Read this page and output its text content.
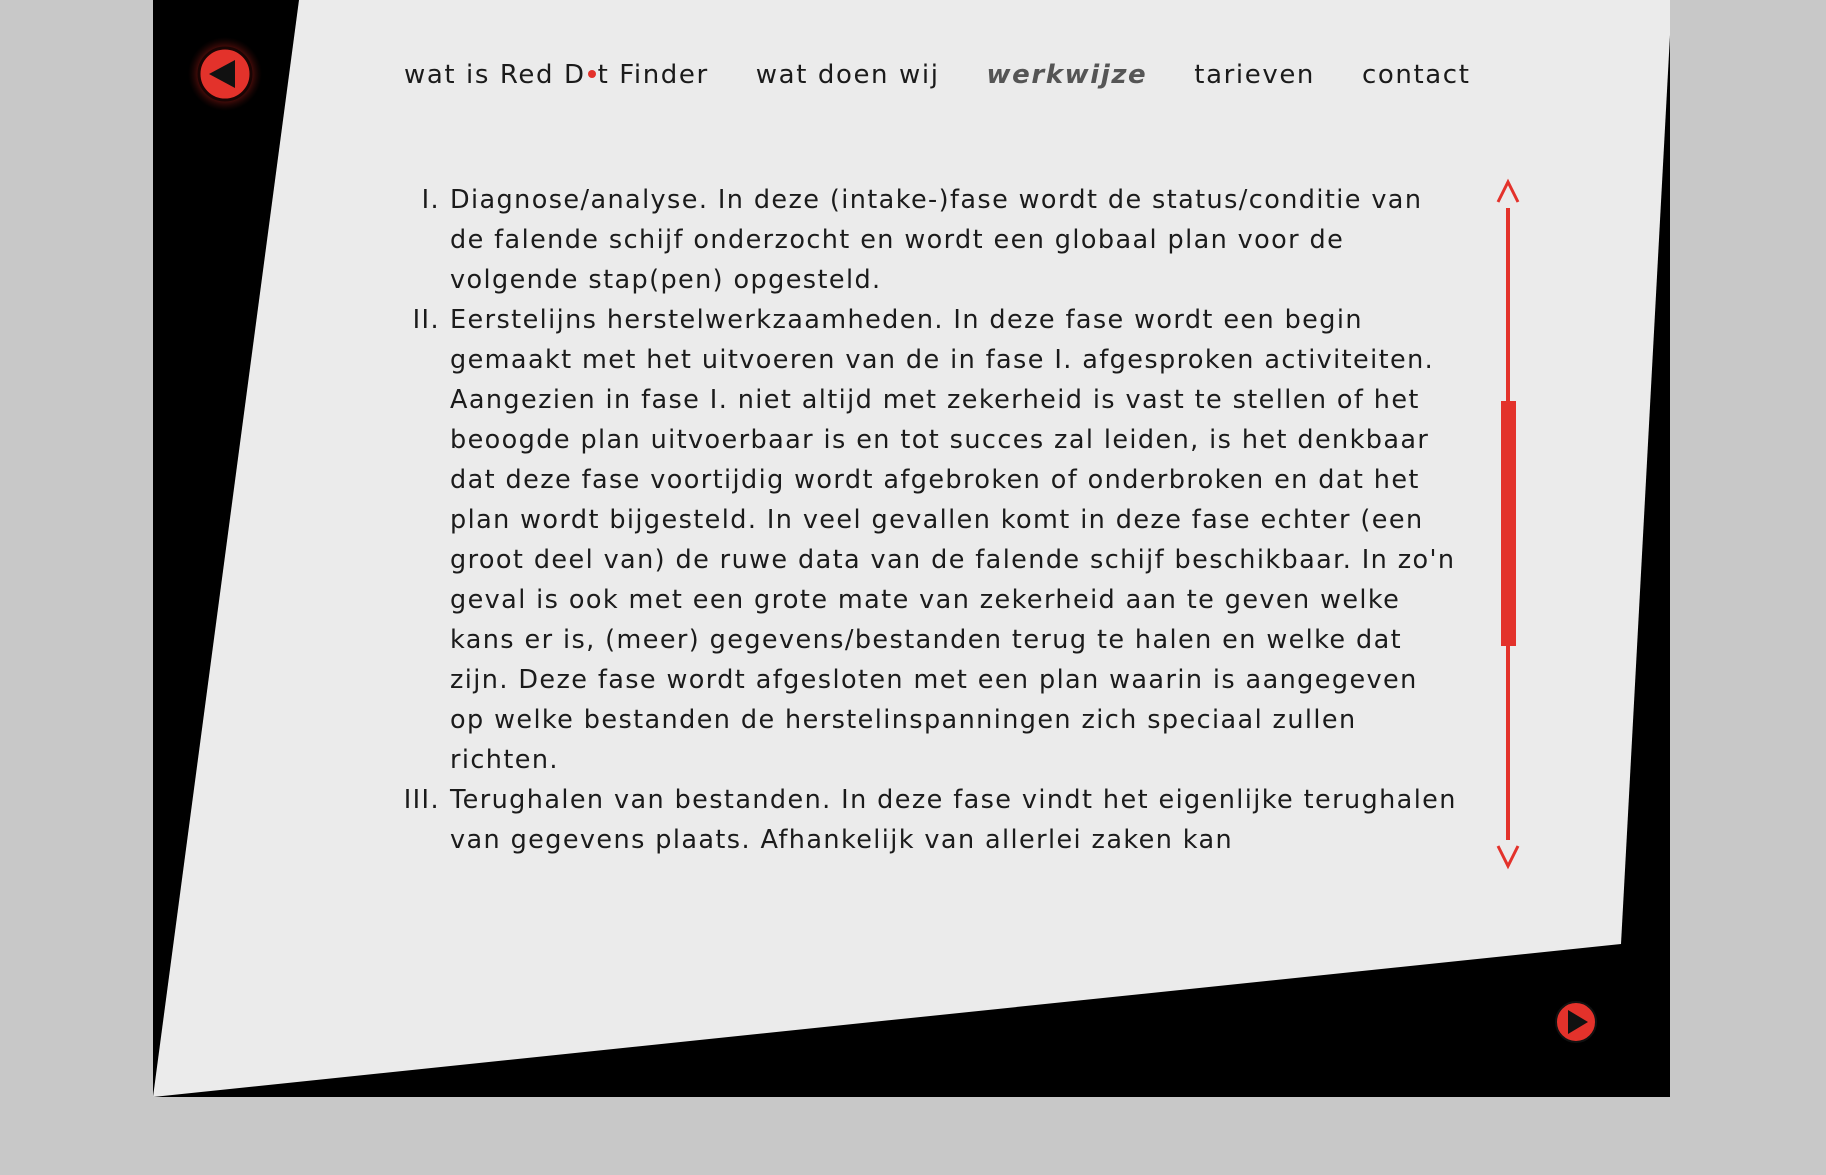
wat is Red D t Finder wat doen wij werkwijze tarieven contact
I. Diagnose/analyse. In deze (intake-)fase wordt de status/conditie van de falende schijf onderzocht en wordt een globaal plan voor de volgende stap(pen) opgesteld.
II. Eerstelijns herstelwerkzaamheden. In deze fase wordt een begin gemaakt met het uitvoeren van de in fase I. afgesproken activiteiten. Aangezien in fase I. niet altijd met zekerheid is vast te stellen of het beoogde plan uitvoerbaar is en tot succes zal leiden, is het denkbaar dat deze fase voortijdig wordt afgebroken of onderbroken en dat het plan wordt bijgesteld. In veel gevallen komt in deze fase echter (een groot deel van) de ruwe data van de falende schijf beschikbaar. In zo'n geval is ook met een grote mate van zekerheid aan te geven welke kans er is, (meer) gegevens/bestanden terug te halen en welke dat zijn. Deze fase wordt afgesloten met een plan waarin is aangegeven op welke bestanden de herstelinspanningen zich speciaal zullen richten.
III. Terughalen van bestanden. In deze fase vindt het eigenlijke terughalen van gegevens plaats. Afhankelijk van allerlei zaken kan
